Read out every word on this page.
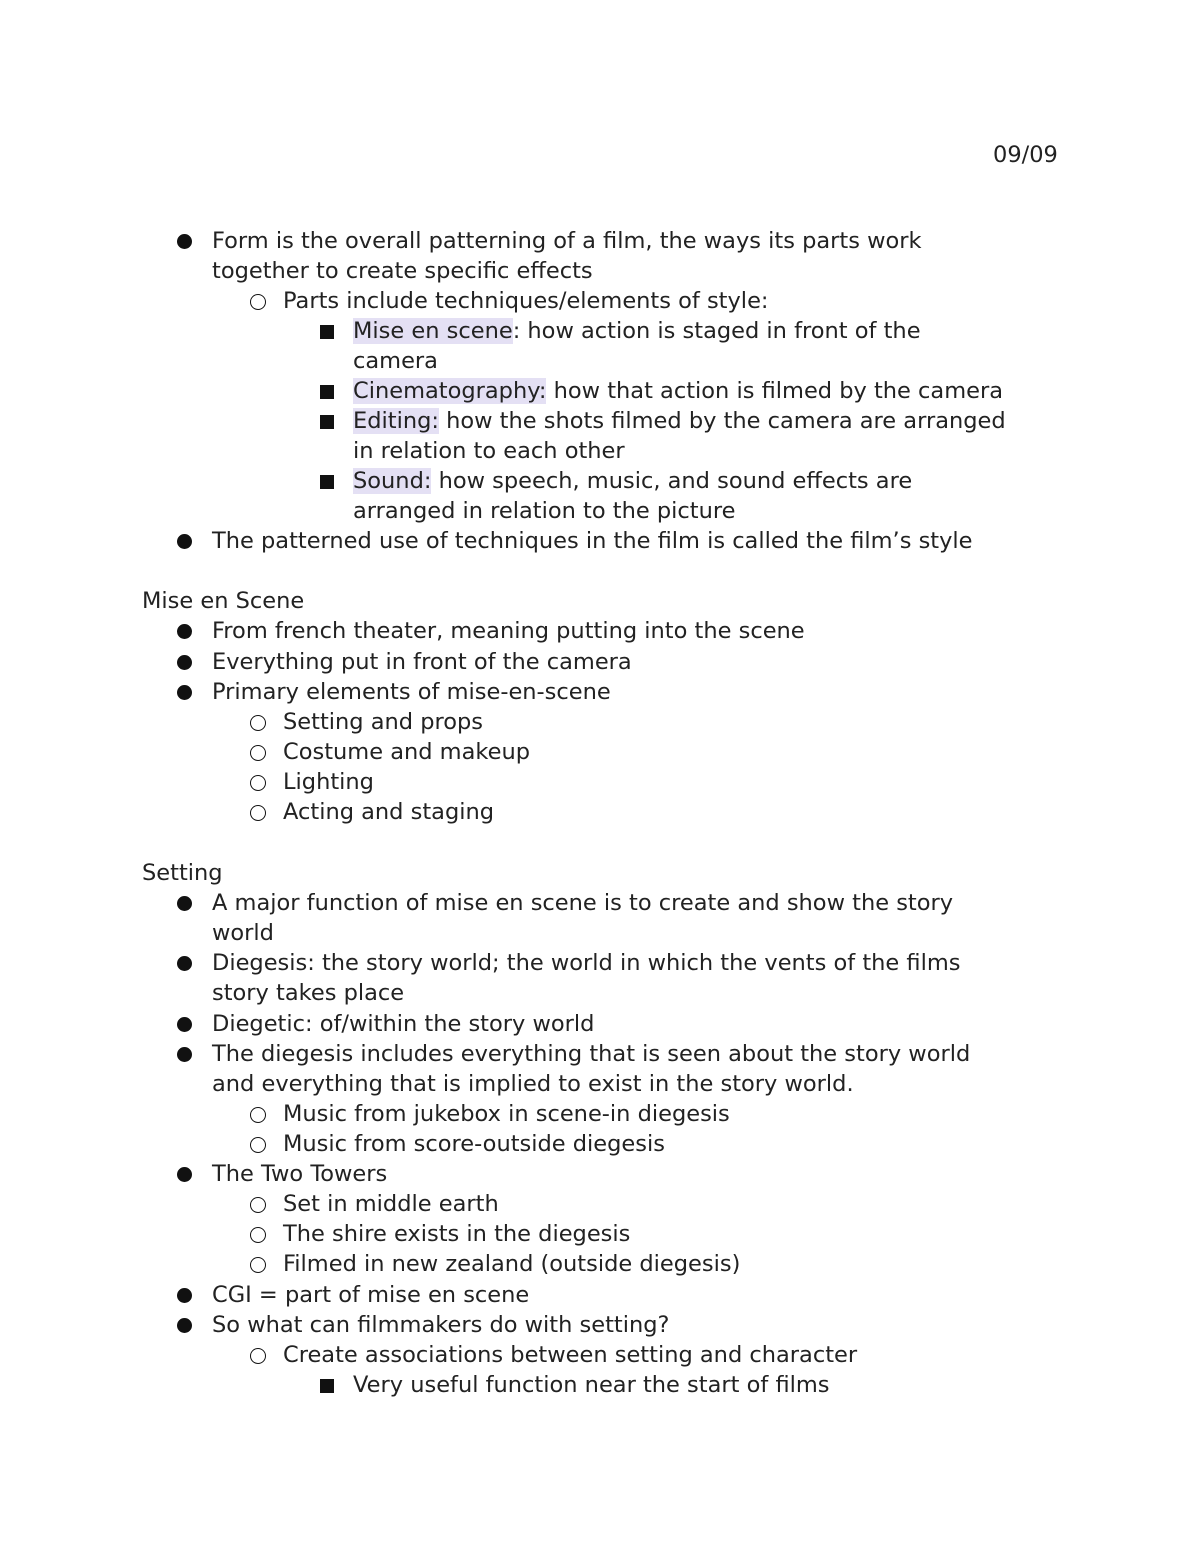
09/09
Form is the overall patterning of a film, the ways its parts work
together to create specific effects
Parts include techniques/elements of style:
Mise en scene: how action is staged in front of the
camera
Cinematography: how that action is filmed by the camera
Editing: how the shots filmed by the camera are arranged
in relation to each other
Sound: how speech, music, and sound effects are
arranged in relation to the picture
The patterned use of techniques in the film is called the film’s style
Mise en Scene
From french theater, meaning putting into the scene
Everything put in front of the camera
Primary elements of mise-en-scene
Setting and props
Costume and makeup
Lighting
Acting and staging
Setting
A major function of mise en scene is to create and show the story
world
Diegesis: the story world; the world in which the vents of the films
story takes place
Diegetic: of/within the story world
The diegesis includes everything that is seen about the story world
and everything that is implied to exist in the story world.
Music from jukebox in scene-in diegesis
Music from score-outside diegesis
The Two Towers
Set in middle earth
The shire exists in the diegesis
Filmed in new zealand (outside diegesis)
CGI = part of mise en scene
So what can filmmakers do with setting?
Create associations between setting and character
Very useful function near the start of films
